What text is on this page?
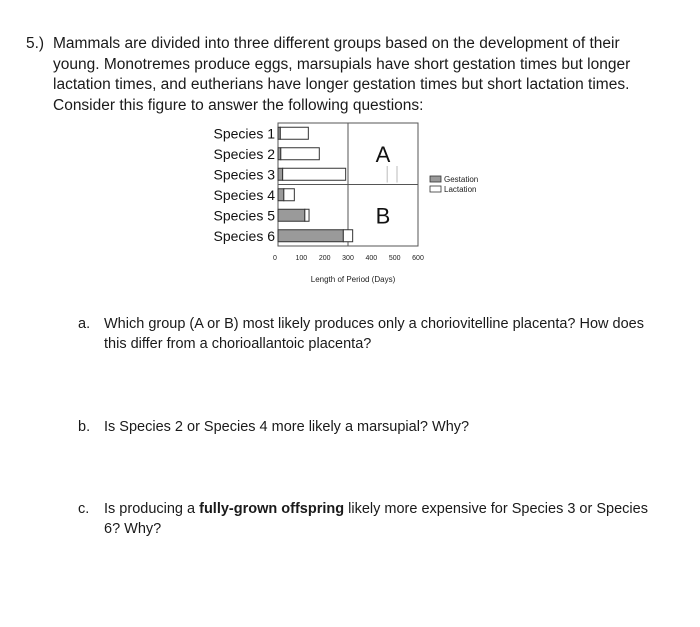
5.) Mammals are divided into three different groups based on the development of their young. Monotremes produce eggs, marsupials have short gestation times but longer lactation times, and eutherians have longer gestation times but short lactation times. Consider this figure to answer the following questions:
Species 1
Species 2
Species 3
Species 4
Species 5
Species 6
A
B
0	100 200 300 400 500 600
Length of Period (Days)
Gestation
Lactation
a. Which group (A or B) most likely produces only a choriovitelline placenta? How does this differ from a chorioallantoic placenta?
b. Is Species 2 or Species 4 more likely a marsupial? Why?
c. Is producing a fully-grown offspring likely more expensive for Species 3 or Species 6? Why?
